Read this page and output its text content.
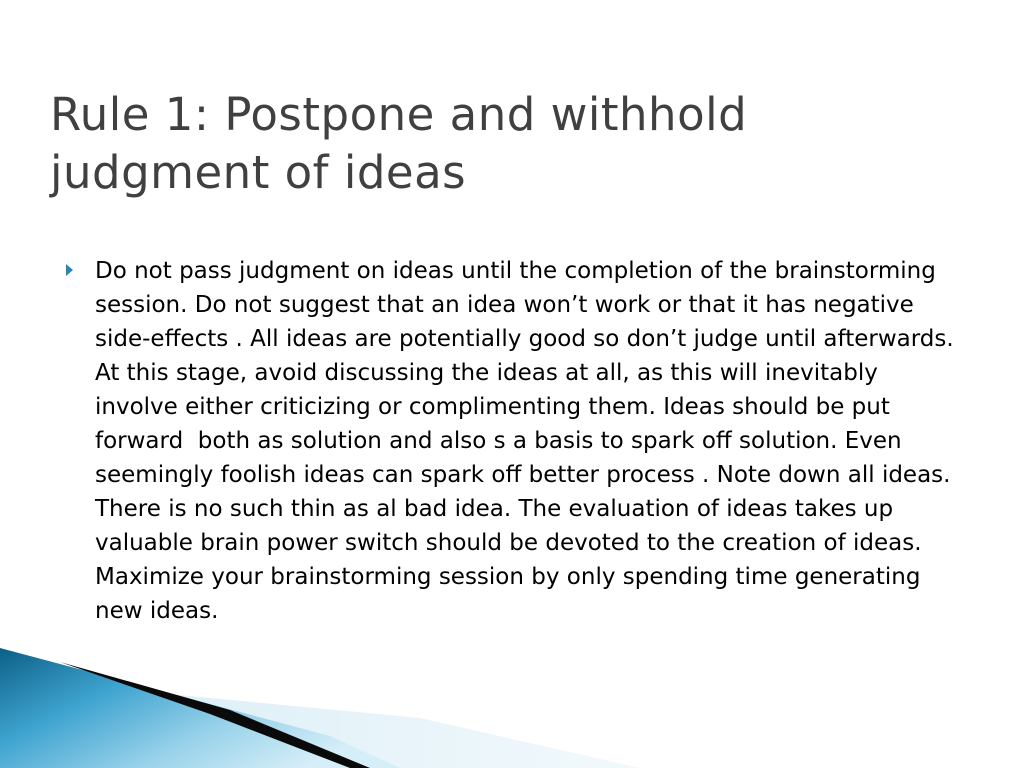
Rule 1: Postpone and withhold judgment of ideas
Do not pass judgment on ideas until the completion of the brainstorming session. Do not suggest that an idea won’t work or that it has negative side-effects . All ideas are potentially good so don’t judge until afterwards. At this stage, avoid discussing the ideas at all, as this will inevitably involve either criticizing or complimenting them. Ideas should be put forward  both as solution and also s a basis to spark off solution. Even seemingly foolish ideas can spark off better process . Note down all ideas. There is no such thin as al bad idea. The evaluation of ideas takes up valuable brain power switch should be devoted to the creation of ideas. Maximize your brainstorming session by only spending time generating new ideas.
